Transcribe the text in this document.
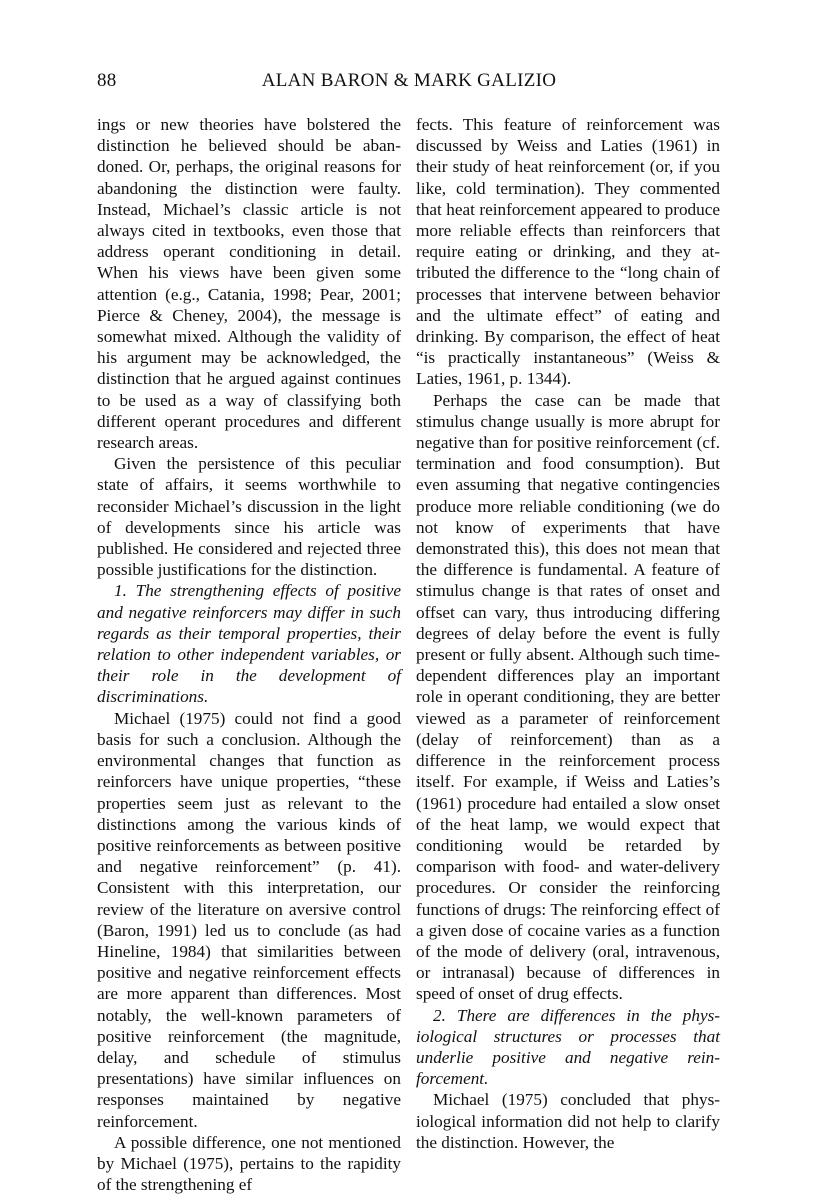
88	ALAN BARON & MARK GALIZIO

ings or new theories have bolstered the distinction he believed should be abandoned. Or, perhaps, the original reasons for abandoning the distinction were faulty. Instead, Michael’s classic article is not always cited in textbooks, even those that address operant conditioning in detail. When his views have been given some attention (e.g., Catania, 1998; Pear, 2001; Pierce & Cheney, 2004), the message is somewhat mixed. Although the validity of his argument may be acknowledged, the distinction that he argued against continues to be used as a way of classifying both different operant procedures and different research areas.

Given the persistence of this peculiar state of affairs, it seems worthwhile to reconsider Michael’s discussion in the light of developments since his article was published. He considered and rejected three possible justifications for the distinction.

1. The strengthening effects of positive and negative reinforcers may differ in such regards as their temporal properties, their relation to other independent variables, or their role in the development of discriminations.

Michael (1975) could not find a good basis for such a conclusion. Although the environmental changes that function as reinforcers have unique properties, “these properties seem just as relevant to the distinctions among the various kinds of positive reinforcements as between positive and negative reinforcement” (p. 41). Consistent with this interpretation, our review of the literature on aversive control (Baron, 1991) led us to conclude (as had Hineline, 1984) that similarities between positive and negative reinforcement effects are more apparent than differences. Most notably, the well-known parameters of positive reinforcement (the magnitude, delay, and schedule of stimulus presentations) have similar influences on responses maintained by negative reinforcement.

A possible difference, one not mentioned by Michael (1975), pertains to the rapidity of the strengthening ef

fects. This feature of reinforcement was discussed by Weiss and Laties (1961) in their study of heat reinforcement (or, if you like, cold termination). They commented that heat reinforcement appeared to produce more reliable effects than reinforcers that require eating or drinking, and they attributed the difference to the “long chain of processes that intervene between behavior and the ultimate effect” of eating and drinking. By comparison, the effect of heat “is practically instantaneous” (Weiss & Laties, 1961, p. 1344).

Perhaps the case can be made that stimulus change usually is more abrupt for negative than for positive reinforcement (cf. termination and food consumption). But even assuming that negative contingencies produce more reliable conditioning (we do not know of experiments that have demonstrated this), this does not mean that the difference is fundamental. A feature of stimulus change is that rates of onset and offset can vary, thus introducing differing degrees of delay before the event is fully present or fully absent. Although such time-dependent differences play an important role in operant conditioning, they are better viewed as a parameter of reinforcement (delay of reinforcement) than as a difference in the reinforcement process itself. For example, if Weiss and Laties’s (1961) procedure had entailed a slow onset of the heat lamp, we would expect that conditioning would be retarded by comparison with food- and water-delivery procedures. Or consider the reinforcing functions of drugs: The reinforcing effect of a given dose of cocaine varies as a function of the mode of delivery (oral, intravenous, or intranasal) because of differences in speed of onset of drug effects.

2. There are differences in the physiological structures or processes that underlie positive and negative reinforcement.

Michael (1975) concluded that physiological information did not help to clarify the distinction. However, the
